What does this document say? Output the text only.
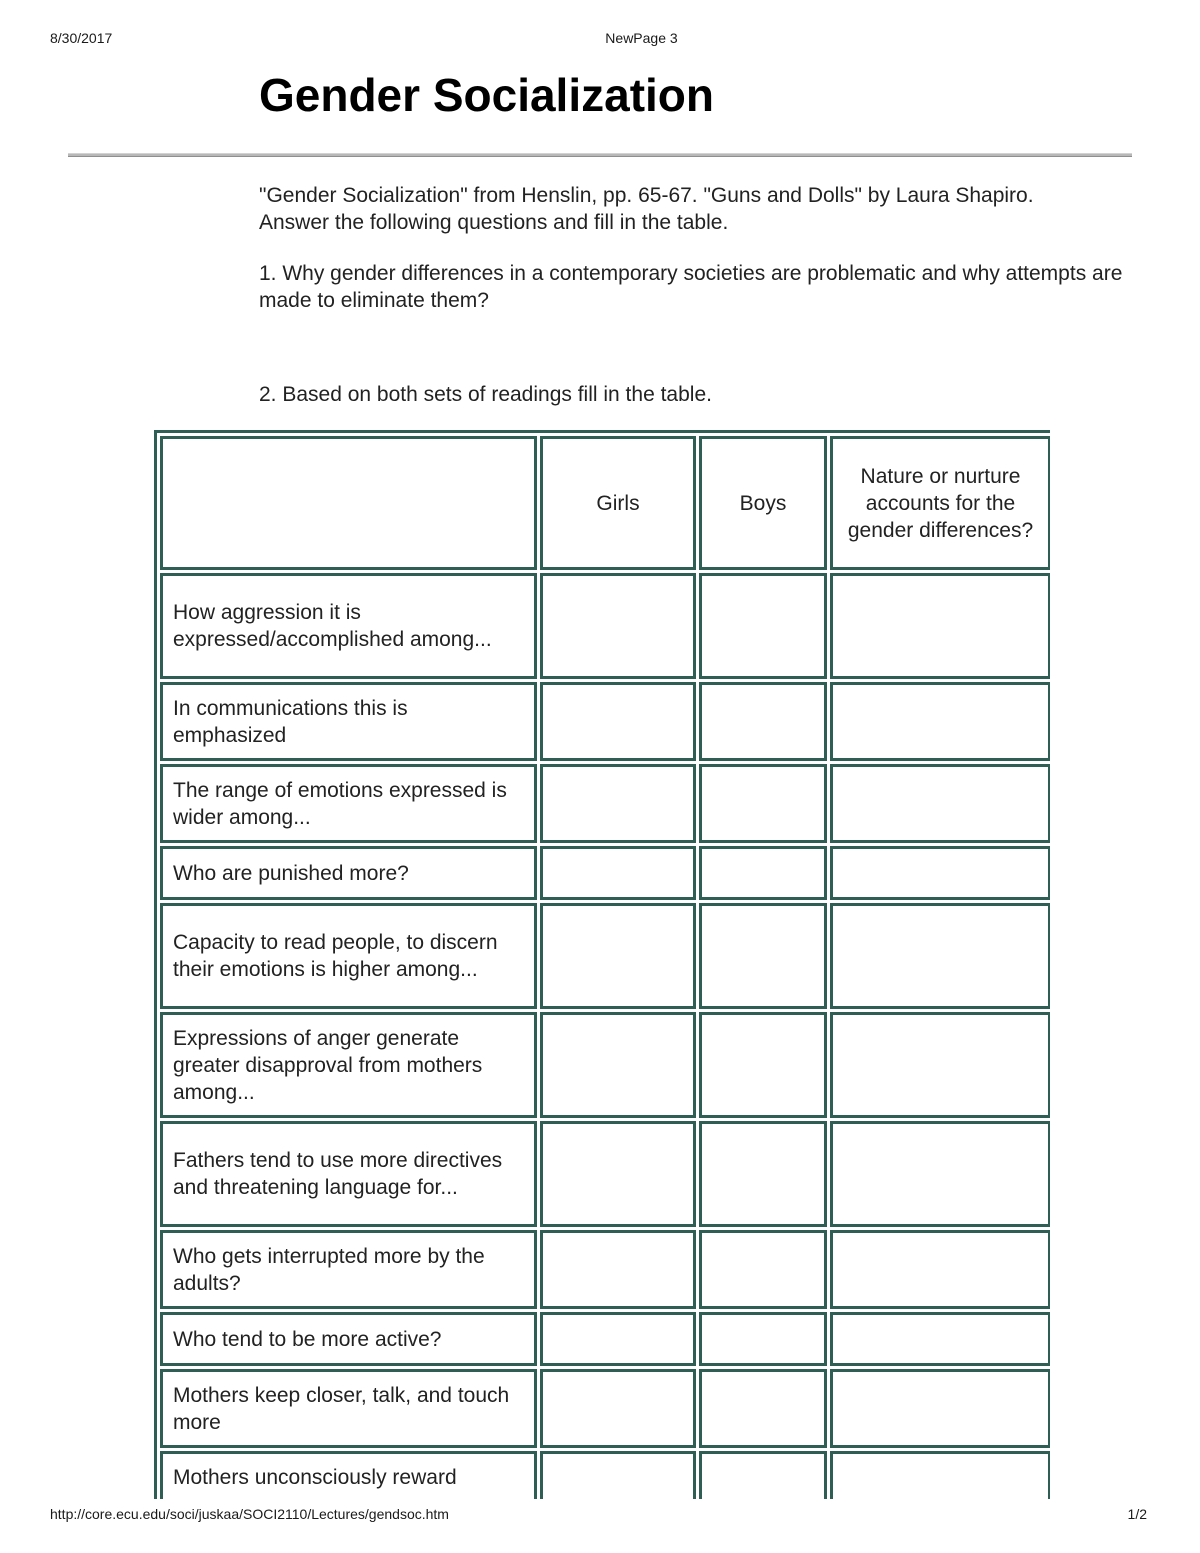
8/30/2017	NewPage 3
Gender Socialization

"Gender Socialization" from Henslin, pp. 65-67. "Guns and Dolls" by Laura Shapiro.

Answer the following questions and fill in the table.

1. Why gender differences in a contemporary societies are problematic and why attempts are made to eliminate them?
2. Based on both sets of readings fill in the table.
	Girls	Boys	Nature or nurture accounts for the gender differences?
How aggression it is expressed/accomplished among...			
In communications this is emphasized			
The range of emotions expressed is wider among...			
Who are punished more?			
Capacity to read people, to discern their emotions is higher among...			
Expressions of anger generate greater disapproval from mothers among...			
Fathers tend to use more directives and threatening language for...			
Who gets interrupted more by the adults?			
Who tend to be more active?			
Mothers keep closer, talk, and touch more			
Mothers unconsciously reward			
http://core.ecu.edu/soci/juskaa/SOCI2110/Lectures/gendsoc.htm	1/2
